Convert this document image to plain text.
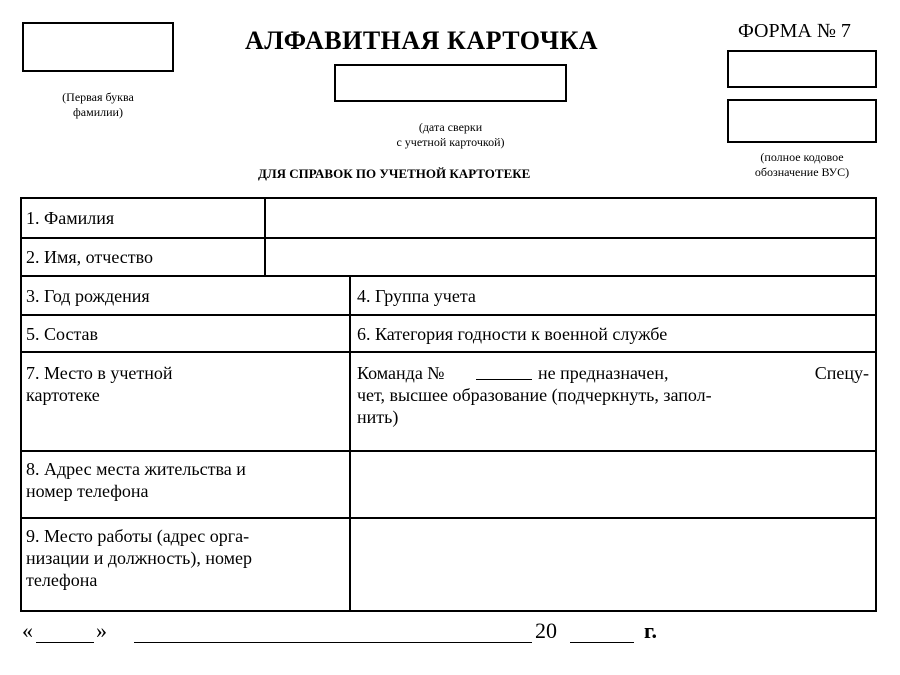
(Первая буква
фамилии)
АЛФАВИТНАЯ КАРТОЧКА	ФОРМА № 7
(дата сверки
с учетной карточкой)
(полное кодовое
обозначение ВУС)
ДЛЯ СПРАВОК ПО УЧЕТНОЙ КАРТОТЕКЕ
1. Фамилия
2. Имя, отчество
3. Год рождения	4. Группа учета
5. Состав	6. Категория годности к военной службе
7. Место в учетной
картотеке
Команда №	не предназначен,	Спецу-
чет, высшее образование (подчеркнуть, запол-
нить)
8. Адрес места жительства и
номер телефона
9. Место работы (адрес орга-
низации и должность), номер
телефона
«	»	20	г.
